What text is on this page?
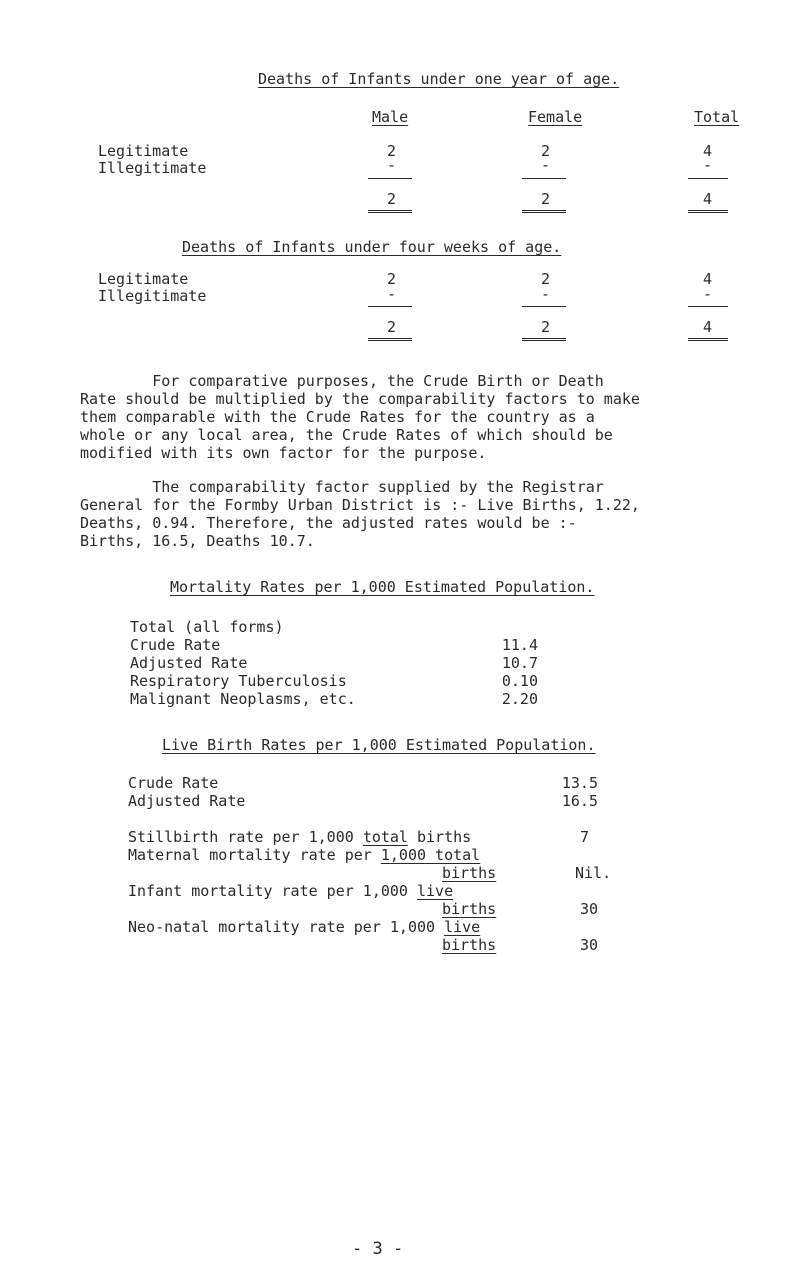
Deaths of Infants under one year of age.
Male	Female	Total
Legitimate	2	2	4
Illegitimate	-	-	-
2	2	4
Deaths of Infants under four weeks of age.
Legitimate	2	2	4
Illegitimate	-	-	-
2	2	4
For comparative purposes, the Crude Birth or Death
Rate should be multiplied by the comparability factors to make
them comparable with the Crude Rates for the country as a
whole or any local area, the Crude Rates of which should be
modified with its own factor for the purpose.
The comparability factor supplied by the Registrar
General for the Formby Urban District is :- Live Births, 1.22,
Deaths, 0.94. Therefore, the adjusted rates would be :-
Births, 16.5, Deaths 10.7.
Mortality Rates per 1,000 Estimated Population.
Total (all forms)
Crude Rate	11.4
Adjusted Rate	10.7
Respiratory Tuberculosis	0.10
Malignant Neoplasms, etc.	2.20
Live Birth Rates per 1,000 Estimated Population.
Crude Rate	13.5
Adjusted Rate	16.5
Stillbirth rate per 1,000 total births	7
Maternal mortality rate per 1,000 total
births	Nil.
Infant mortality rate per 1,000 live
births	30
Neo-natal mortality rate per 1,000 live
births	30
- 3 -
